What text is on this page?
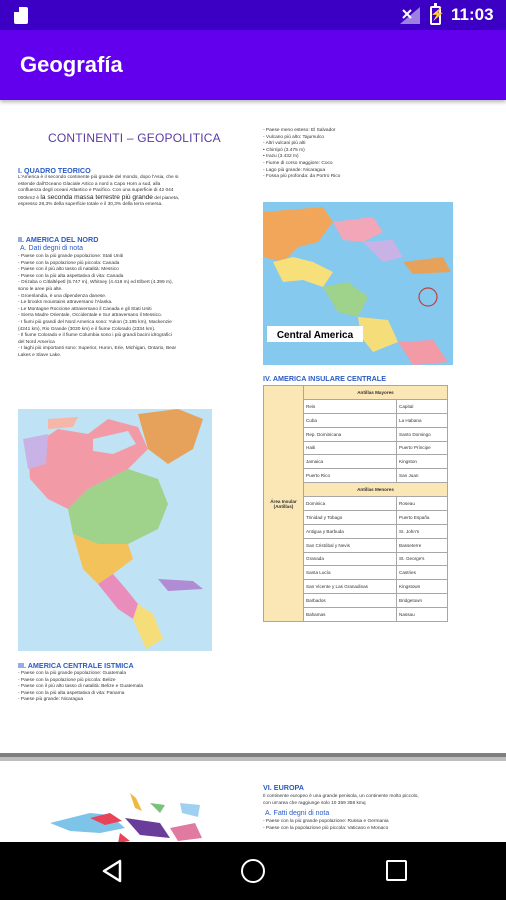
⚡
11:03
Geografía
CONTINENTI – GEOPOLITICA
I. QUADRO TEORICO
L'America è il secondo continente più grande del mondo, dopo l'Asia, che si
estende dall'Oceano Glaciale Artico a nord a Capo Horn a sud, alla
confluenza degli oceani Atlantico e Pacifico. Con una superficie di 42 044
000km2 è la seconda massa terrestre più grande del pianeta,
espresso 28,3% della superficie totale e il 30,3% della terra emersa.
II. AMERICA DEL NORD
A. Dati degni di nota
- Paese con la più grande popolazione: Stati Uniti
- Paese con la popolazione più piccola: Canada
- Paese con il più alto tasso di natalità: Messico
- Paese con la più alta aspettativa di vita: Canada
- Orizaba o Citlaltépetl (5.747 m), Whitney (4.418 m) ed Elbert (4.399 m),
sono le aree più alte.
- Groenlandia, è una dipendenza danese.
- Le brooks mountains attraversano l'Alaska.
- Le Montagne Rocciose attraversano il Canada e gli Stati Uniti
- Sierra Madre Orientale, Occidentale e Sur attraversano il Messico.
- I fiumi più grandi del Nord America sono: Yukon (3.185 km), Mackenzie
(4241 km), Rio Grande (3030 km) e il fiume Colorado (2334 km).
- Il fiume Colorado e il fiume Columbia sono i più grandi bacini idrografici
del Nord America
- I laghi più importanti sono: Superior, Huron, Erie, Michigan, Ontario, Bear
Lakes e Slave Lake.
III. AMERICA CENTRALE ISTMICA
- Paese con la più grande popolazione: Guatemala
- Paese con la popolazione più piccola: Belize
- Paese con il più alto tasso di natalità: Belize e Guatemala
- Paese con la più alta aspettativa di vita: Panama
- Paese più grande: Nicaragua
- Paese meno esteso: El Salvador
- Vulcano più alto: Tajumulco
- Altri vulcani più alti
• Chirripó (3.475 m)
• Irazu (3.432 m)
- Fiume di corso maggiore: Coco
- Lago più grande: Nicaragua
- Fossa più profonda: da Portro Rico
Central America
IV. AMERICA INSULARE CENTRALE
Área Insular (Antillas)	Antillas Mayores	
	Reis	Capital
	Cuba	La Habana
	Rep. Dominicana	Santo Domingo
	Haiti	Puerto Príncipe
	Jamaica	Kingston
	Puerto Rico	San Juan
	Antillas Menores	
	Dominica	Roseau
	Trinidad y Tobago	Puerto España
	Antigua y Barbuda	St. John's
	San Cristóbal y Nevis	Basseterre
	Granada	St. George's
	Santa Lucía	Castries
	San Vicente y Las Granadinas	Kingstown
	Barbados	Bridgetown
	Bahamas	Nassau
VI. EUROPA
Il continente europeo è una grande penisola, un continente molto piccolo,
con un'area che raggiunge solo 10 359 358 kmq
A. Fatti degni di nota
- Paese con la più grande popolazione: Russia e Germania
- Paese con la popolazione più piccola: Vaticano e Monaco
